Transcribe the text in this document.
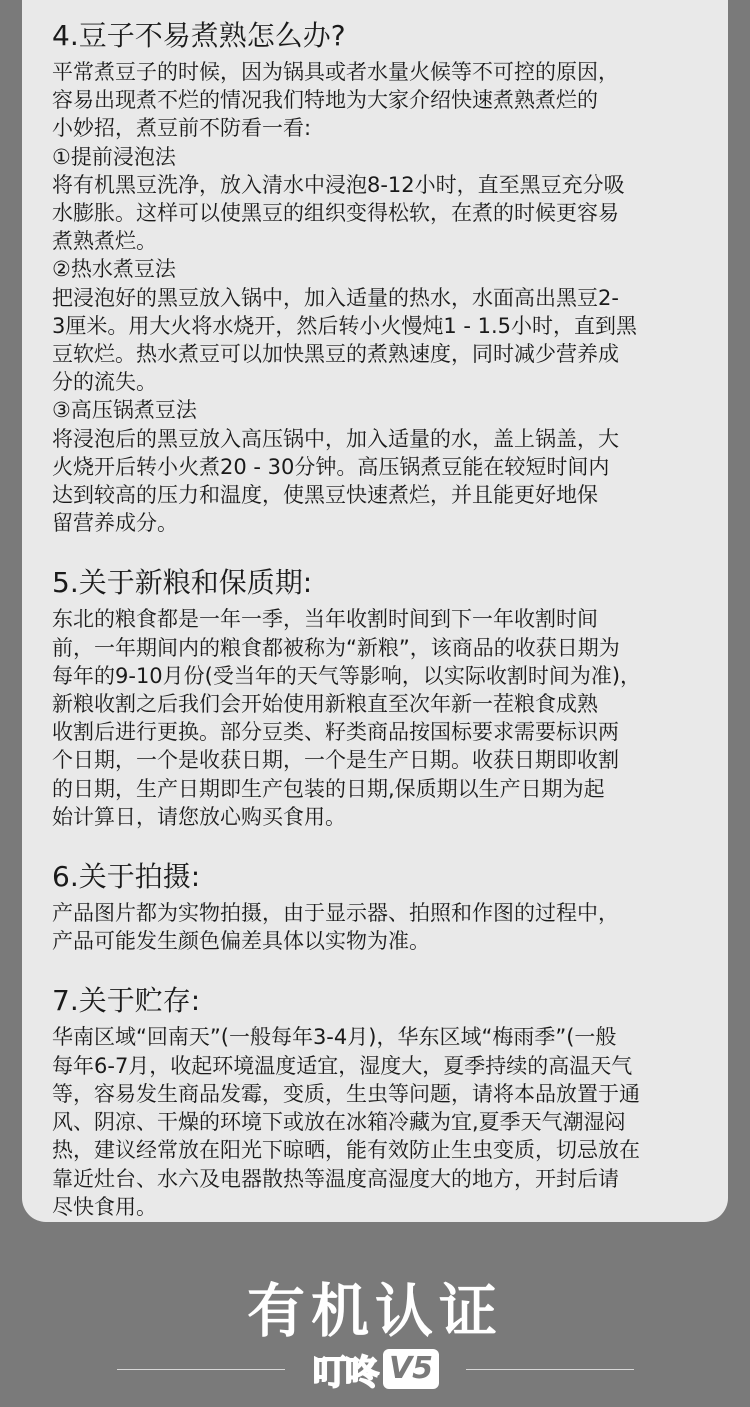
4.豆子不易煮熟怎么办?

平常煮豆子的时候，因为锅具或者水量火候等不可控的原因，

容易出现煮不烂的情况我们特地为大家介绍快速煮熟煮烂的

小妙招，煮豆前不防看一看:

①提前浸泡法

将有机黑豆洗净，放入清水中浸泡8-12小时，直至黑豆充分吸

水膨胀。这样可以使黑豆的组织变得松软，在煮的时候更容易

煮熟煮烂。

②热水煮豆法

把浸泡好的黑豆放入锅中，加入适量的热水，水面高出黑豆2-

3厘米。用大火将水烧开，然后转小火慢炖1 - 1.5小时，直到黑

豆软烂。热水煮豆可以加快黑豆的煮熟速度，同时减少营养成

分的流失。

③高压锅煮豆法

将浸泡后的黑豆放入高压锅中，加入适量的水，盖上锅盖，大

火烧开后转小火煮20 - 30分钟。高压锅煮豆能在较短时间内

达到较高的压力和温度，使黑豆快速煮烂，并且能更好地保

留营养成分。

5.关于新粮和保质期:

东北的粮食都是一年一季，当年收割时间到下一年收割时间

前，一年期间内的粮食都被称为“新粮”，该商品的收获日期为

每年的9-10月份(受当年的天气等影响，以实际收割时间为准)，

新粮收割之后我们会开始使用新粮直至次年新一茬粮食成熟

收割后进行更换。部分豆类、籽类商品按国标要求需要标识两

个日期，一个是收获日期，一个是生产日期。收获日期即收割

的日期，生产日期即生产包装的日期,保质期以生产日期为起

始计算日，请您放心购买食用。

6.关于拍摄:

产品图片都为实物拍摄，由于显示器、拍照和作图的过程中，

产品可能发生颜色偏差具体以实物为准。

7.关于贮存:

华南区域“回南天”(一般每年3-4月)，华东区域“梅雨季”(一般

每年6-7月，收起环境温度适宜，湿度大，夏季持续的高温天气

等，容易发生商品发霉，变质，生虫等问题，请将本品放置于通

风、阴凉、干燥的环境下或放在冰箱冷藏为宜,夏季天气潮湿闷

热，建议经常放在阳光下晾晒，能有效防止生虫变质，切忌放在

靠近灶台、水六及电器散热等温度高湿度大的地方，开封后请

尽快食用。

有机认证
叮咚 V5
